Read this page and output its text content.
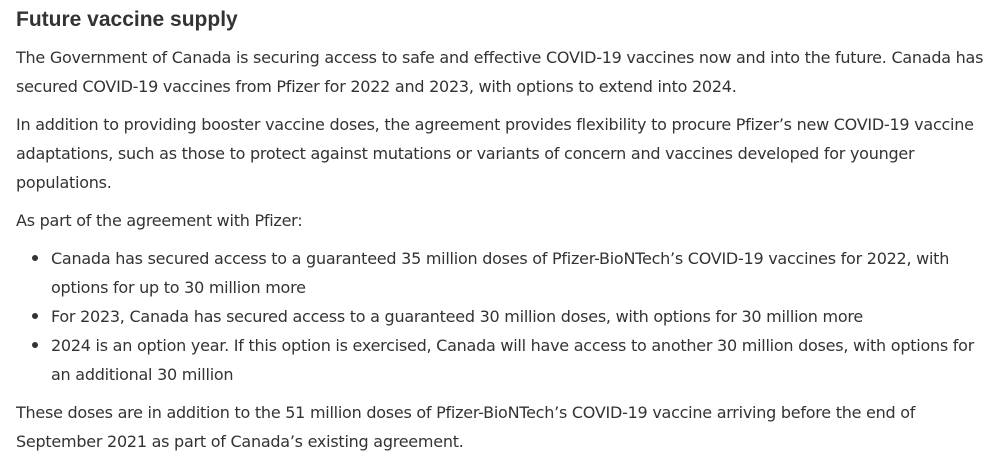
Future vaccine supply

The Government of Canada is securing access to safe and effective COVID-19 vaccines now and into the future. Canada has secured COVID-19 vaccines from Pfizer for 2022 and 2023, with options to extend into 2024.

In addition to providing booster vaccine doses, the agreement provides flexibility to procure Pfizer’s new COVID-19 vaccine adaptations, such as those to protect against mutations or variants of concern and vaccines developed for younger populations.

As part of the agreement with Pfizer:

Canada has secured access to a guaranteed 35 million doses of Pfizer-BioNTech’s COVID-19 vaccines for 2022, with options for up to 30 million more
For 2023, Canada has secured access to a guaranteed 30 million doses, with options for 30 million more
2024 is an option year. If this option is exercised, Canada will have access to another 30 million doses, with options for an additional 30 million

These doses are in addition to the 51 million doses of Pfizer-BioNTech’s COVID-19 vaccine arriving before the end of September 2021 as part of Canada’s existing agreement.
